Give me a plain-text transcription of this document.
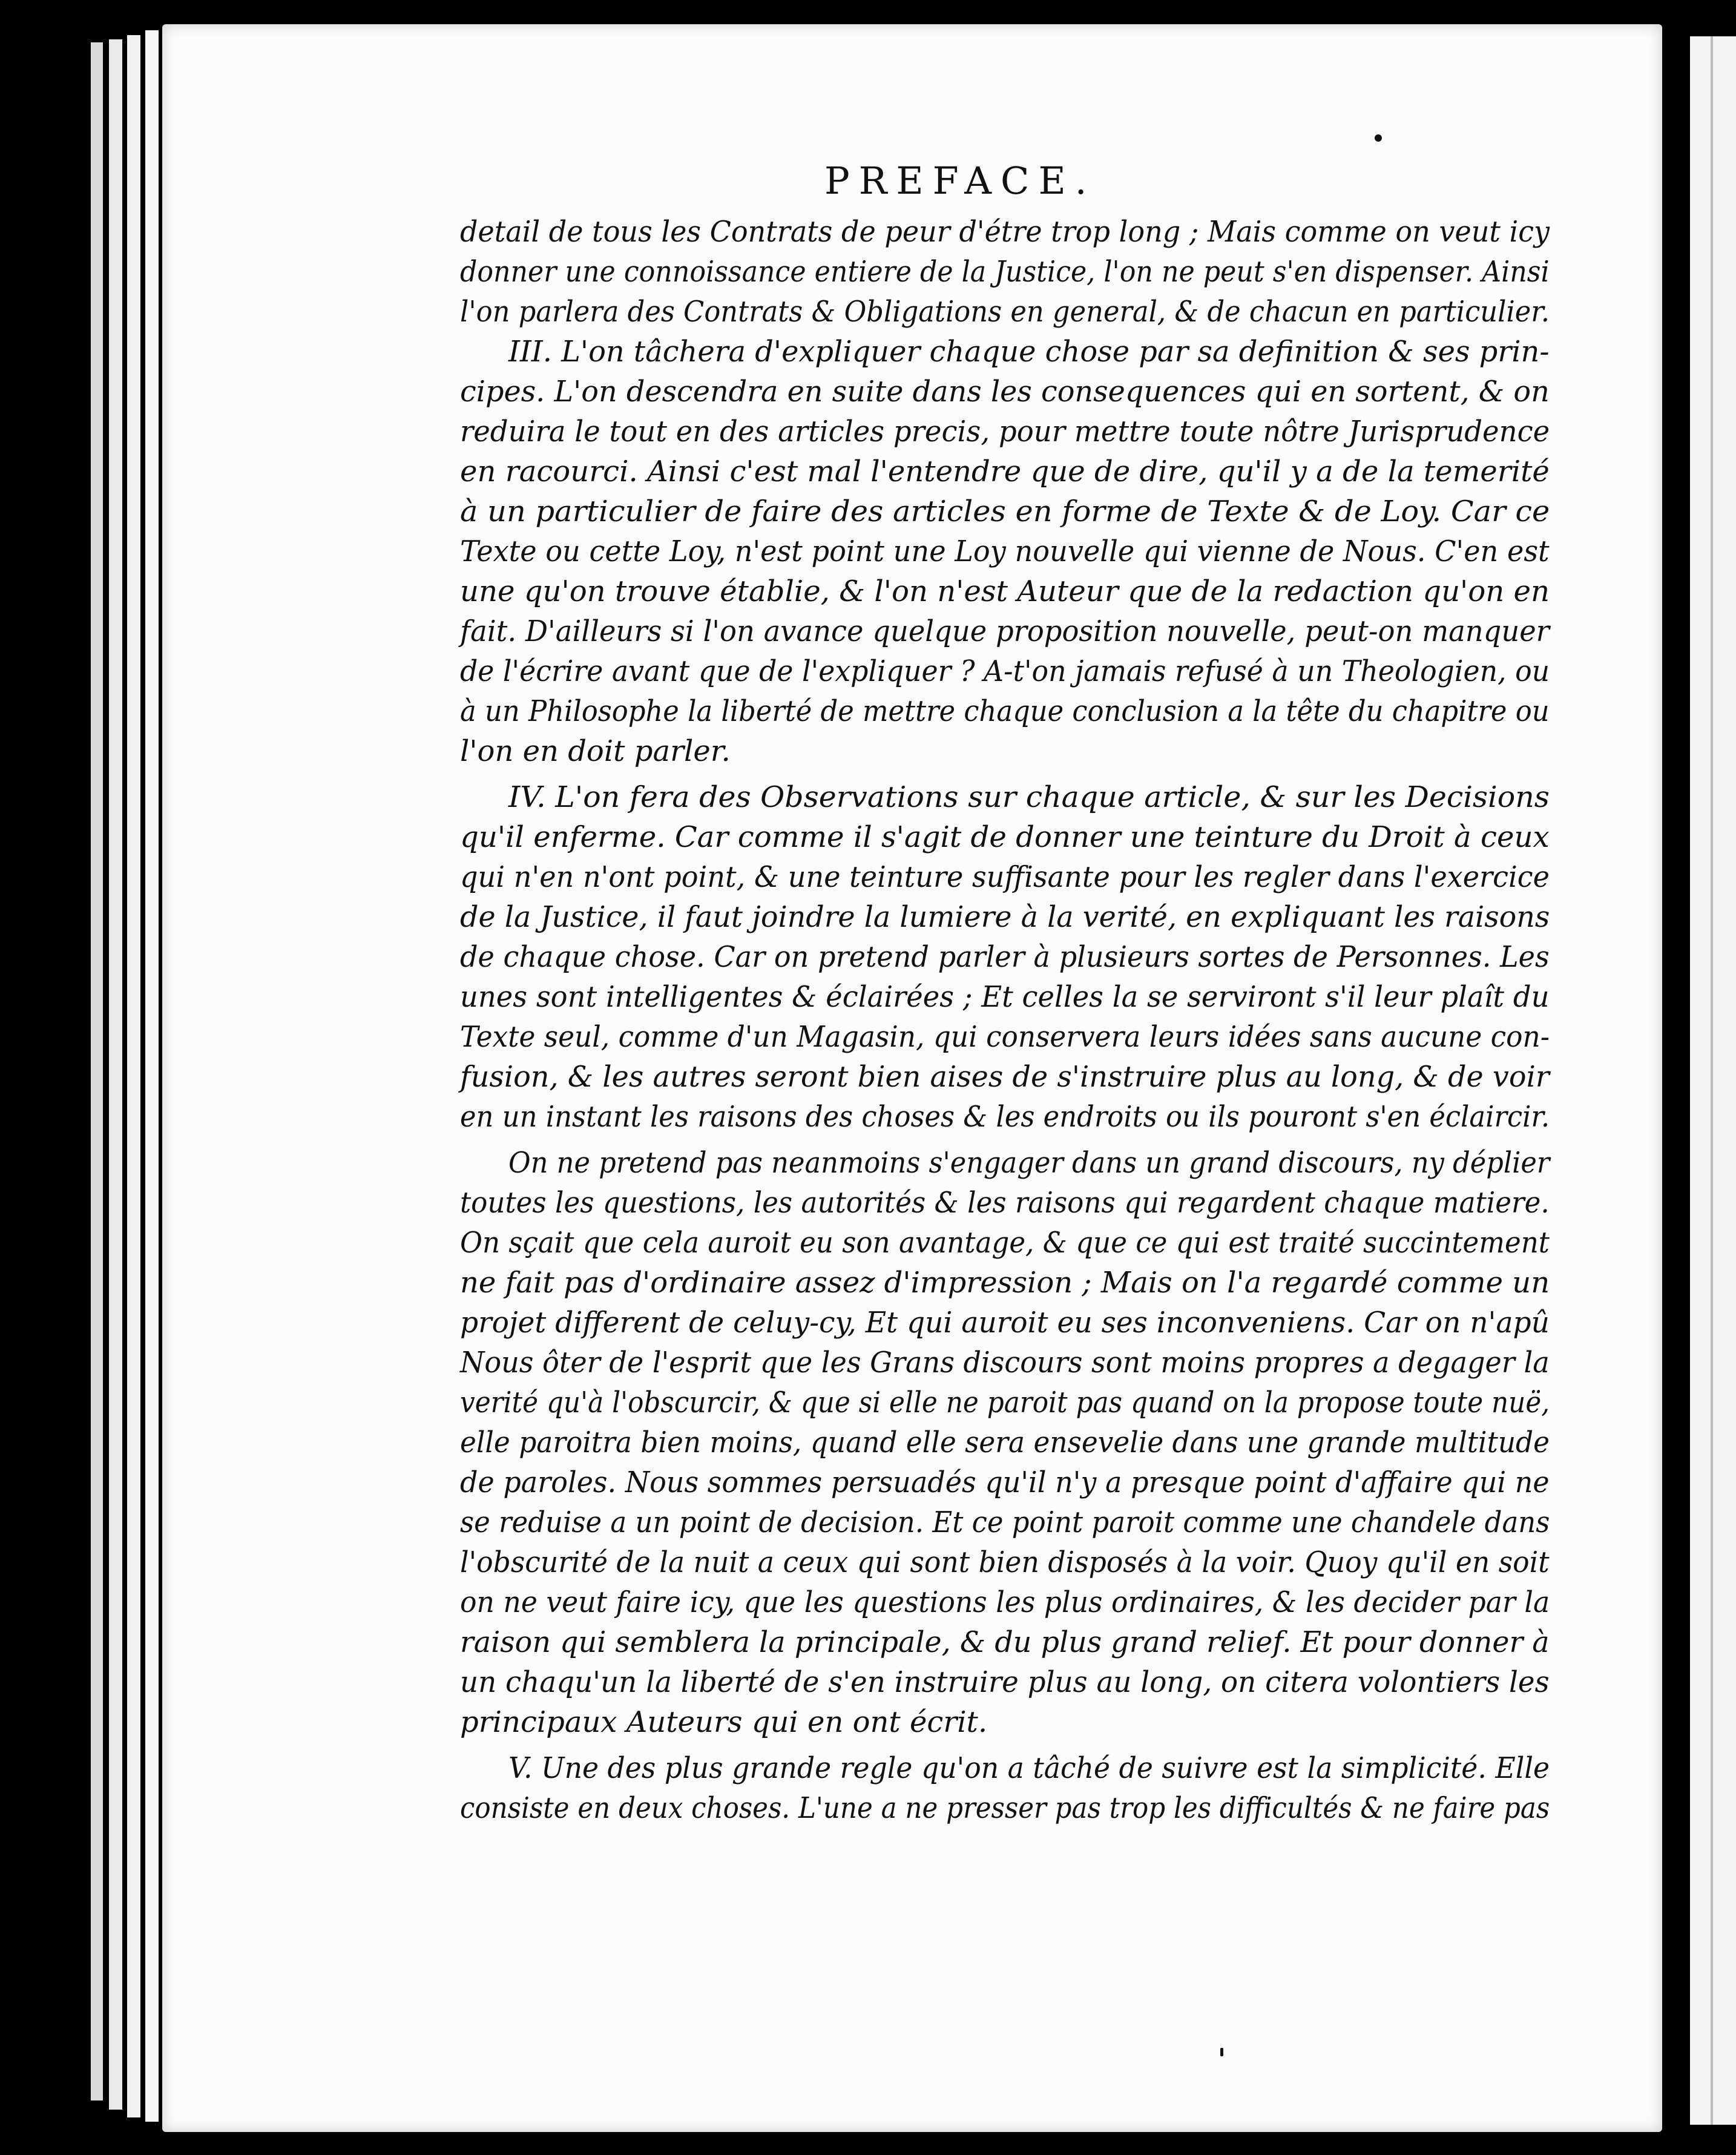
PREFACE.
detail de tous les Contrats de peur d'étre trop long ; Mais comme on veut icy
donner une connoissance entiere de la Justice, l'on ne peut s'en dispenser. Ainsi
l'on parlera des Contrats & Obligations en general, & de chacun en particulier.
III. L'on tâchera d'expliquer chaque chose par sa definition & ses prin-
cipes. L'on descendra en suite dans les consequences qui en sortent, & on
reduira le tout en des articles precis, pour mettre toute nôtre Jurisprudence
en racourci. Ainsi c'est mal l'entendre que de dire, qu'il y a de la temerité
à un particulier de faire des articles en forme de Texte & de Loy. Car ce
Texte ou cette Loy, n'est point une Loy nouvelle qui vienne de Nous. C'en est
une qu'on trouve établie, & l'on n'est Auteur que de la redaction qu'on en
fait. D'ailleurs si l'on avance quelque proposition nouvelle, peut-on manquer
de l'écrire avant que de l'expliquer ? A-t'on jamais refusé à un Theologien, ou
à un Philosophe la liberté de mettre chaque conclusion a la tête du chapitre ou
l'on en doit parler.
IV. L'on fera des Observations sur chaque article, & sur les Decisions
qu'il enferme. Car comme il s'agit de donner une teinture du Droit à ceux
qui n'en n'ont point, & une teinture suffisante pour les regler dans l'exercice
de la Justice, il faut joindre la lumiere à la verité, en expliquant les raisons
de chaque chose. Car on pretend parler à plusieurs sortes de Personnes. Les
unes sont intelligentes & éclairées ; Et celles la se serviront s'il leur plaît du
Texte seul, comme d'un Magasin, qui conservera leurs idées sans aucune con-
fusion, & les autres seront bien aises de s'instruire plus au long, & de voir
en un instant les raisons des choses & les endroits ou ils pouront s'en éclaircir.
On ne pretend pas neanmoins s'engager dans un grand discours, ny déplier
toutes les questions, les autorités & les raisons qui regardent chaque matiere.
On sçait que cela auroit eu son avantage, & que ce qui est traité succintement
ne fait pas d'ordinaire assez d'impression ; Mais on l'a regardé comme un
projet different de celuy-cy, Et qui auroit eu ses inconveniens. Car on n'apû
Nous ôter de l'esprit que les Grans discours sont moins propres a degager la
verité qu'à l'obscurcir, & que si elle ne paroit pas quand on la propose toute nuë,
elle paroitra bien moins, quand elle sera ensevelie dans une grande multitude
de paroles. Nous sommes persuadés qu'il n'y a presque point d'affaire qui ne
se reduise a un point de decision. Et ce point paroit comme une chandele dans
l'obscurité de la nuit a ceux qui sont bien disposés à la voir. Quoy qu'il en soit
on ne veut faire icy, que les questions les plus ordinaires, & les decider par la
raison qui semblera la principale, & du plus grand relief. Et pour donner à
un chaqu'un la liberté de s'en instruire plus au long, on citera volontiers les
principaux Auteurs qui en ont écrit.
V. Une des plus grande regle qu'on a tâché de suivre est la simplicité. Elle
consiste en deux choses. L'une a ne presser pas trop les difficultés & ne faire pas
